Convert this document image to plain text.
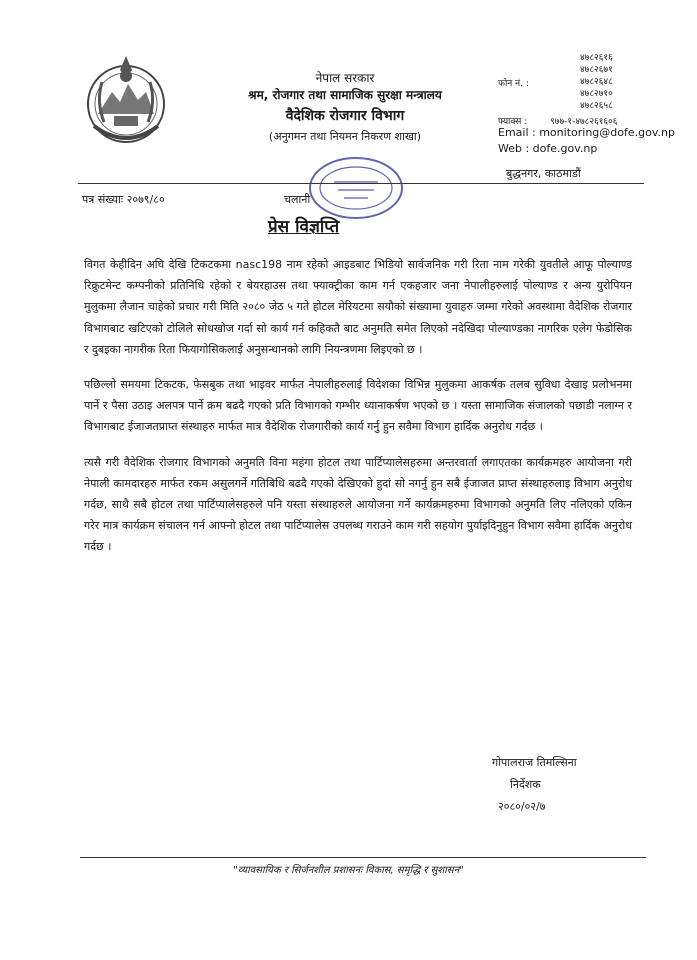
नेपाल सरकार
श्रम, रोजगार तथा सामाजिक सुरक्षा मन्त्रालय
वैदेशिक रोजगार विभाग
(अनुगमन तथा नियमन निकरण शाखा)
फोन नं. :
४७८२६१६
४७८२६७१
४७८२६४८
४७८२७१०
४७८२६५८
फ्याक्स :	९७७-१-४७८२६१६०६
Email : monitoring@dofe.gov.np
Web : dofe.gov.np
बुद्धनगर, काठमाडौं
पत्र संख्याः २०७९/८०	चलानी
प्रेस विज्ञप्ति

विगत केहीदिन अघि देखि टिकटकमा nasc198 नाम रहेको आइडबाट भिडियो सार्वजनिक गरी रिता नाम गरेकी युवतीले आफू पोल्याण्ड रिक्रुटमेन्ट कम्पनीको प्रतिनिधि रहेको र बेयरहाउस तथा फ्याक्ट्रीका काम गर्न एकहजार जना नेपालीहरुलाई पोल्याण्ड र अन्य युरोपियन मुलुकमा लैजान चाहेको प्रचार गरी मिति २०८० जेठ ५ गते होटल मेरियटमा सयौको संख्यामा युवाहरु जम्मा गरेको अवस्थामा वैदेशिक रोजगार विभागबाट खटिएको टोलिले सोधखोज गर्दा सो कार्य गर्न कहिकतै बाट अनुमति समेत लिएको नदेखिदा पोल्याण्डका नागरिक एलेग फेडोसिक र दुबइका नागरीक रिता फियागोसिकलाई अनुसन्धानको लागि नियन्त्रणमा लिइएको छ ।

पछिल्लो समयमा टिकटक, फेसबुक तथा भाइवर मार्फत नेपालीहरुलाई विदेशका विभिन्न मुलुकमा आकर्षक तलब सुविधा देखाइ प्रलोभनमा पार्ने र पैसा उठाइ अलपत्र पार्ने क्रम बढदै गएको प्रति विभागको गम्भीर ध्यानाकर्षण भएको छ । यस्ता सामाजिक संजालको पछाडी नलाग्न र विभागबाट ईजाजतप्राप्त संस्थाहरु मार्फत मात्र वैदेशिक रोजगारीको कार्य गर्नु हुन सवैमा विभाग हार्दिक अनुरोध गर्दछ ।

त्यसै गरी वैदेशिक रोजगार विभागको अनुमति विना महंगा होटल तथा पार्टिप्यालेसहरुमा अन्तरवार्ता लगाएतका कार्यक्रमहरु आयोजना गरी नेपाली कामदारहरु मार्फत रकम असुलगर्ने गतिबिधि बढदै गएको देखिएको हुदां सो नगर्नु हुन सबै ईजाजत प्राप्त संस्थाहरुलाइ विभाग अनुरोध गर्दछ, साथै सबै होटल तथा पार्टिप्यालेसहरुले पनि यस्ता संस्थाहरुले आयोजना गर्ने कार्यक्रमहरुमा विभागको अनुमति लिए नलिएको एकिन गरेर मात्र कार्यक्रम संचालन गर्न आफ्नो होटल तथा पार्टिप्यालेस उपलब्ध गराउने काम गरी सहयोग पुर्याइदिनुहुन विभाग सवैमा हार्दिक अनुरोध गर्दछ ।

गोपालराज तिमल्सिना
निर्देशक
२०८०/०२/७
"व्यावसायिक र सिर्जनशील प्रशासनः विकास, समृद्धि र सुशासन"
